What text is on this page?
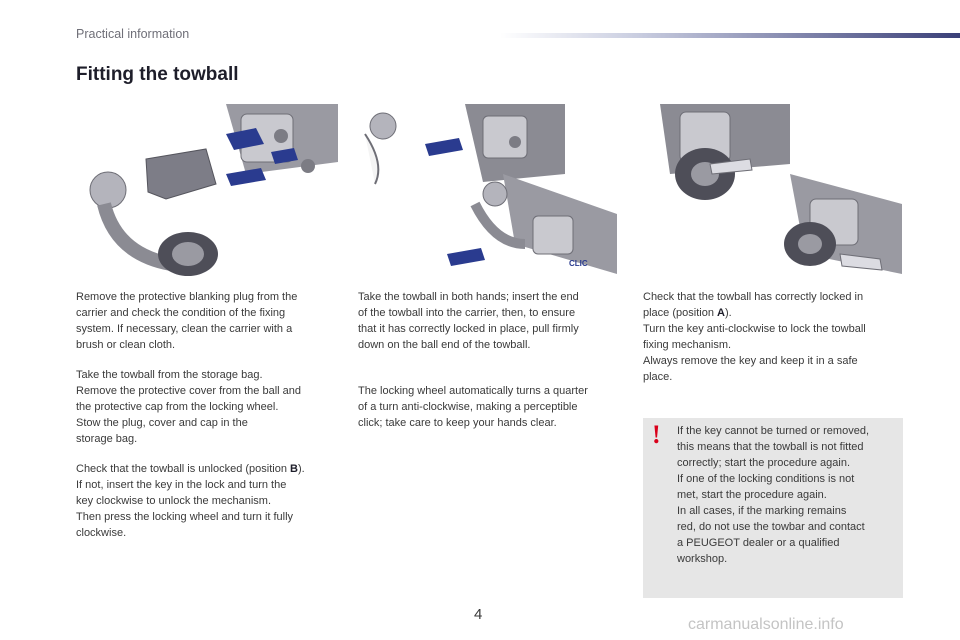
Practical information
Fitting the towball
CLIC

Remove the protective blanking plug from the
carrier and check the condition of the fixing
system. If necessary, clean the carrier with a
brush or clean cloth.

Take the towball from the storage bag.
Remove the protective cover from the ball and
the protective cap from the locking wheel.
Stow the plug, cover and cap in the
storage bag.

Check that the towball is unlocked (position B).
If not, insert the key in the lock and turn the
key clockwise to unlock the mechanism.
Then press the locking wheel and turn it fully
clockwise.

Take the towball in both hands; insert the end
of the towball into the carrier, then, to ensure
that it has correctly locked in place, pull firmly
down on the ball end of the towball.

The locking wheel automatically turns a quarter
of a turn anti-clockwise, making a perceptible
click; take care to keep your hands clear.

Check that the towball has correctly locked in
place (position A).
Turn the key anti-clockwise to lock the towball
fixing mechanism.
Always remove the key and keep it in a safe
place.

! If the key cannot be turned or removed,
this means that the towball is not fitted
correctly; start the procedure again.
If one of the locking conditions is not
met, start the procedure again.
In all cases, if the marking remains
red, do not use the towbar and contact
a PEUGEOT dealer or a qualified
workshop.
4
carmanualsonline.info
